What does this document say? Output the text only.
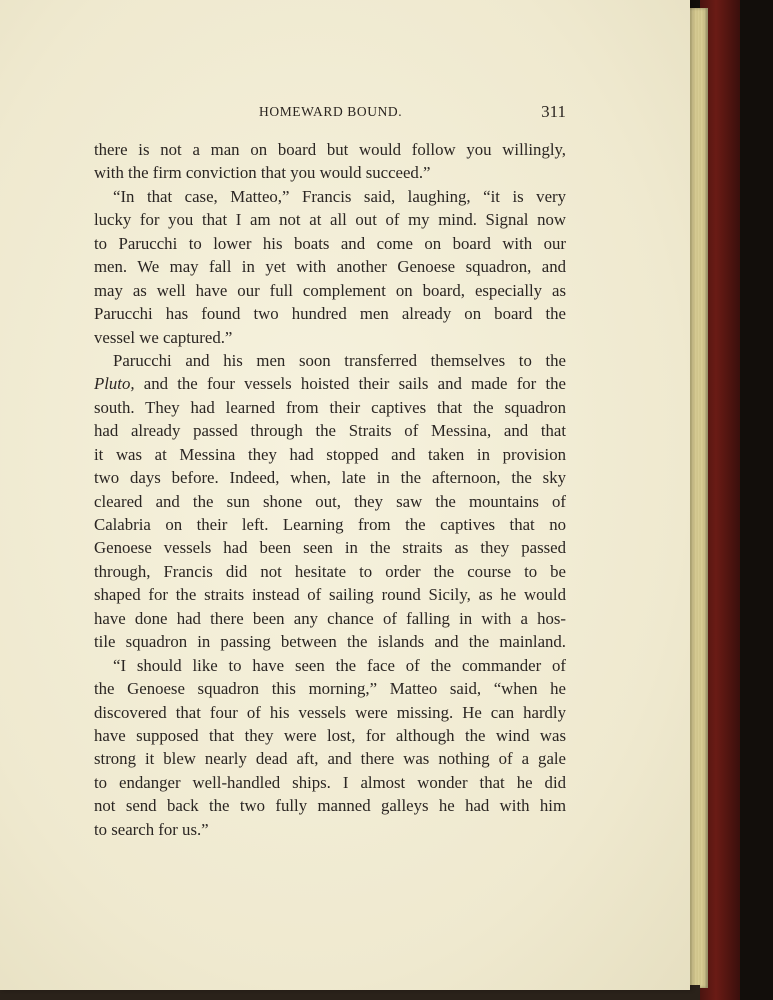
HOMEWARD BOUND.	311
there is not a man on board but would follow you willingly,
with the firm conviction that you would succeed.”
“In that case, Matteo,” Francis said, laughing, “it is very
lucky for you that I am not at all out of my mind. Signal now
to Parucchi to lower his boats and come on board with our
men. We may fall in yet with another Genoese squadron, and
may as well have our full complement on board, especially as
Parucchi has found two hundred men already on board the
vessel we captured.”
Parucchi and his men soon transferred themselves to the
Pluto, and the four vessels hoisted their sails and made for the
south. They had learned from their captives that the squadron
had already passed through the Straits of Messina, and that
it was at Messina they had stopped and taken in provision
two days before. Indeed, when, late in the afternoon, the sky
cleared and the sun shone out, they saw the mountains of
Calabria on their left. Learning from the captives that no
Genoese vessels had been seen in the straits as they passed
through, Francis did not hesitate to order the course to be
shaped for the straits instead of sailing round Sicily, as he would
have done had there been any chance of falling in with a hos-
tile squadron in passing between the islands and the mainland.
“I should like to have seen the face of the commander of
the Genoese squadron this morning,” Matteo said, “when he
discovered that four of his vessels were missing. He can hardly
have supposed that they were lost, for although the wind was
strong it blew nearly dead aft, and there was nothing of a gale
to endanger well-handled ships. I almost wonder that he did
not send back the two fully manned galleys he had with him
to search for us.”
